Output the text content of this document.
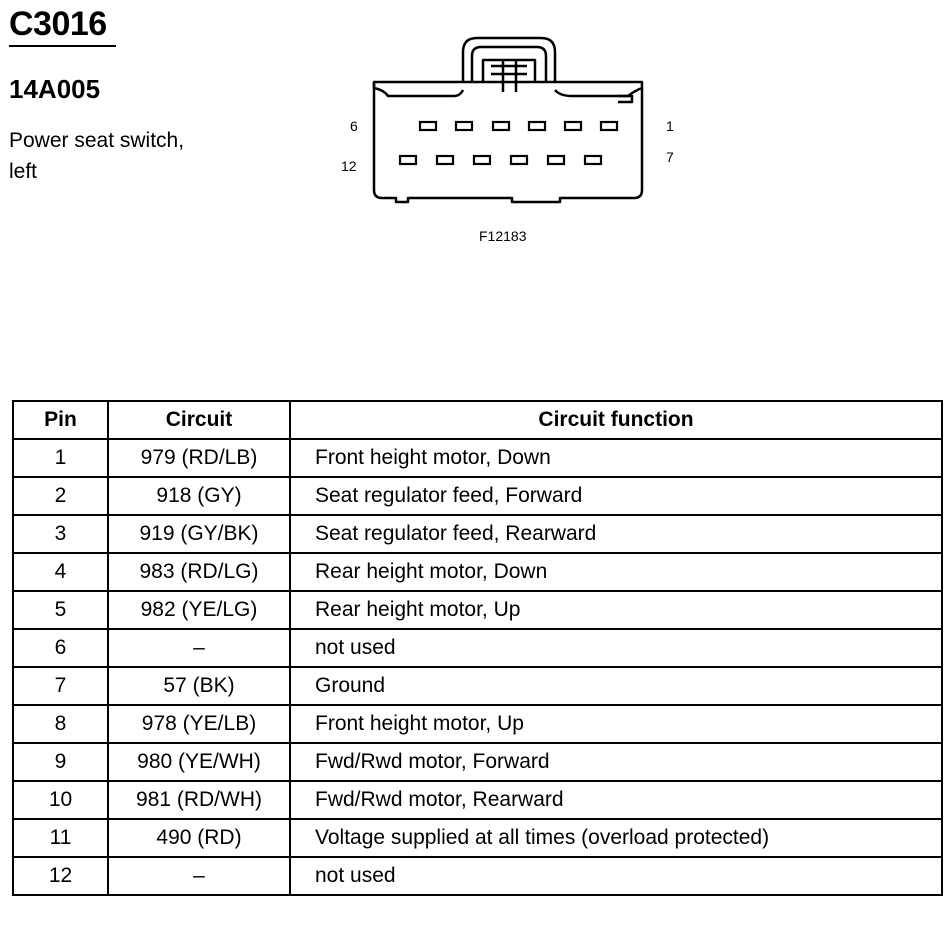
C3016
14A005
Power seat switch, left
6
12
1
7
F12183
Pin	Circuit	Circuit function
1	979 (RD/LB)	Front height motor, Down
2	918 (GY)	Seat regulator feed, Forward
3	919 (GY/BK)	Seat regulator feed, Rearward
4	983 (RD/LG)	Rear height motor, Down
5	982 (YE/LG)	Rear height motor, Up
6	–	not used
7	57 (BK)	Ground
8	978 (YE/LB)	Front height motor, Up
9	980 (YE/WH)	Fwd/Rwd motor, Forward
10	981 (RD/WH)	Fwd/Rwd motor, Rearward
11	490 (RD)	Voltage supplied at all times (overload protected)
12	–	not used
